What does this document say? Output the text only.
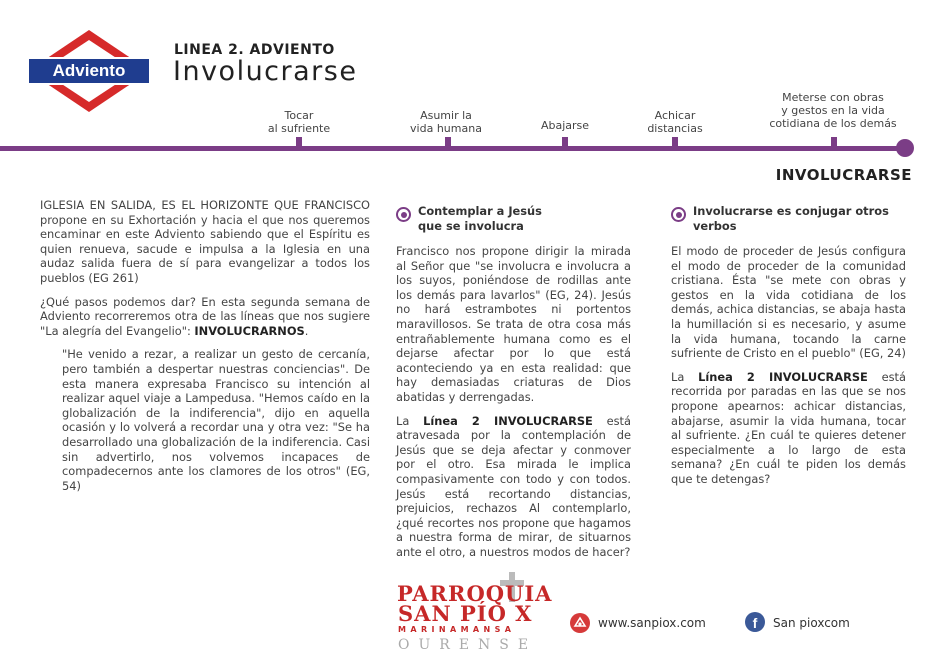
Adviento
LINEA 2. ADVIENTO
Involucrarse
Tocar
al sufriente
Asumir la
vida humana	Abajarse
Achicar
distancias
Meterse con obras
y gestos en la vida
cotidiana de los demás
INVOLUCRARSE

IGLESIA EN SALIDA, ES EL HORIZONTE QUE FRANCISCO propone en su Exhortación y hacia el que nos queremos encaminar en este Adviento sabiendo que el Espíritu es quien renueva, sacude e impulsa a la Iglesia en una audaz salida fuera de sí para evangelizar a todos los pueblos (EG 261)

¿Qué pasos podemos dar? En esta segunda semana de Adviento recorreremos otra de las líneas que nos sugiere "La alegría del Evangelio": INVOLUCRARNOS.

"He venido a rezar, a realizar un gesto de cercanía, pero también a despertar nuestras conciencias". De esta manera expresaba Francisco su intención al realizar aquel viaje a Lampedusa. "Hemos caído en la globalización de la indiferencia", dijo en aquella ocasión y lo volverá a recordar una y otra vez: "Se ha desarrollado una globalización de la indiferencia. Casi sin advertirlo, nos volvemos incapaces de compadecernos ante los clamores de los otros" (EG, 54)

Contemplar a Jesús que se involucra

Francisco nos propone dirigir la mirada al Señor que "se involucra e involucra a los suyos, poniéndose de rodillas ante los demás para lavarlos" (EG, 24). Jesús no hará estrambotes ni portentos maravillosos. Se trata de otra cosa más entrañablemente humana como es el dejarse afectar por lo que está aconteciendo ya en esta realidad: que hay demasiadas criaturas de Dios abatidas y derrengadas.

La Línea 2 INVOLUCRARSE está atravesada por la contemplación de Jesús que se deja afectar y conmover por el otro. Esa mirada le implica compasivamente con todo y con todos. Jesús está recortando distancias, prejuicios, rechazos Al contemplarlo, ¿qué recortes nos propone que hagamos a nuestra forma de mirar, de situarnos ante el otro, a nuestros modos de hacer?

Involucrarse es conjugar otros verbos

El modo de proceder de Jesús configura el modo de proceder de la comunidad cristiana. Ésta "se mete con obras y gestos en la vida cotidiana de los demás, achica distancias, se abaja hasta la humillación si es necesario, y asume la vida humana, tocando la carne sufriente de Cristo en el pueblo" (EG, 24)

La Línea 2 INVOLUCRARSE está recorrida por paradas en las que se nos propone apearnos: achicar distancias, abajarse, asumir la vida humana, tocar al sufriente. ¿En cuál te quieres detener especialmente a lo largo de esta semana? ¿En cuál te piden los demás que te detengas?

PARROQUIA
SAN PÍO X
MARINAMANSA
OURENSE
www.sanpiox.com	f	San pioxcom
